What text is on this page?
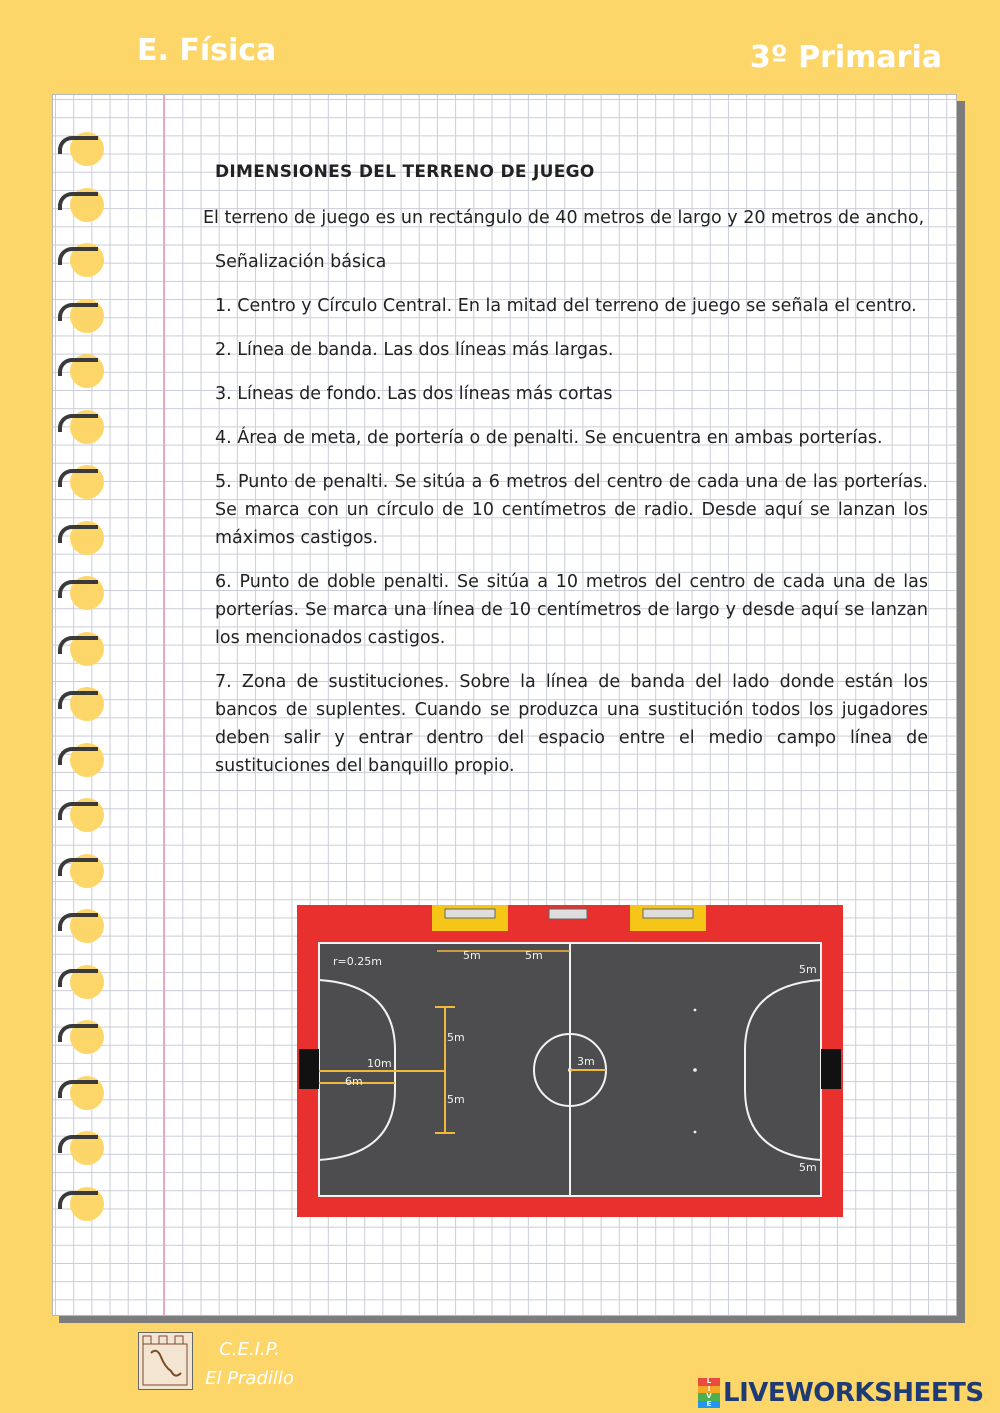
E. Física	3º Primaria
DIMENSIONES DEL TERRENO DE JUEGO
El terreno de juego es un rectángulo de 40 metros de largo y 20 metros de ancho,
Señalización básica
1. Centro y Círculo Central. En la mitad del terreno de juego se señala el centro.
2. Línea de banda. Las dos líneas más largas.
3. Líneas de fondo. Las dos líneas más cortas
4. Área de meta, de portería o de penalti. Se encuentra en ambas porterías.
5. Punto de penalti. Se sitúa a 6 metros del centro de cada una de las porterías. Se marca con un círculo de 10 centímetros de radio. Desde aquí se lanzan los máximos castigos.
6. Punto de doble penalti. Se sitúa a 10 metros del centro de cada una de las porterías. Se marca una línea de 10 centímetros de largo y desde aquí se lanzan los mencionados castigos.
7. Zona de sustituciones. Sobre la línea de banda del lado donde están los bancos de suplentes. Cuando se produzca una sustitución todos los jugadores deben salir y entrar dentro del espacio entre el medio campo línea de sustituciones del banquillo propio.
r=0.25m	5m	5m
5m
5m
10m
6m
3m
5m
5m
C.E.I.P.
El Pradillo	L
I
V
E LIVEWORKSHEETS
